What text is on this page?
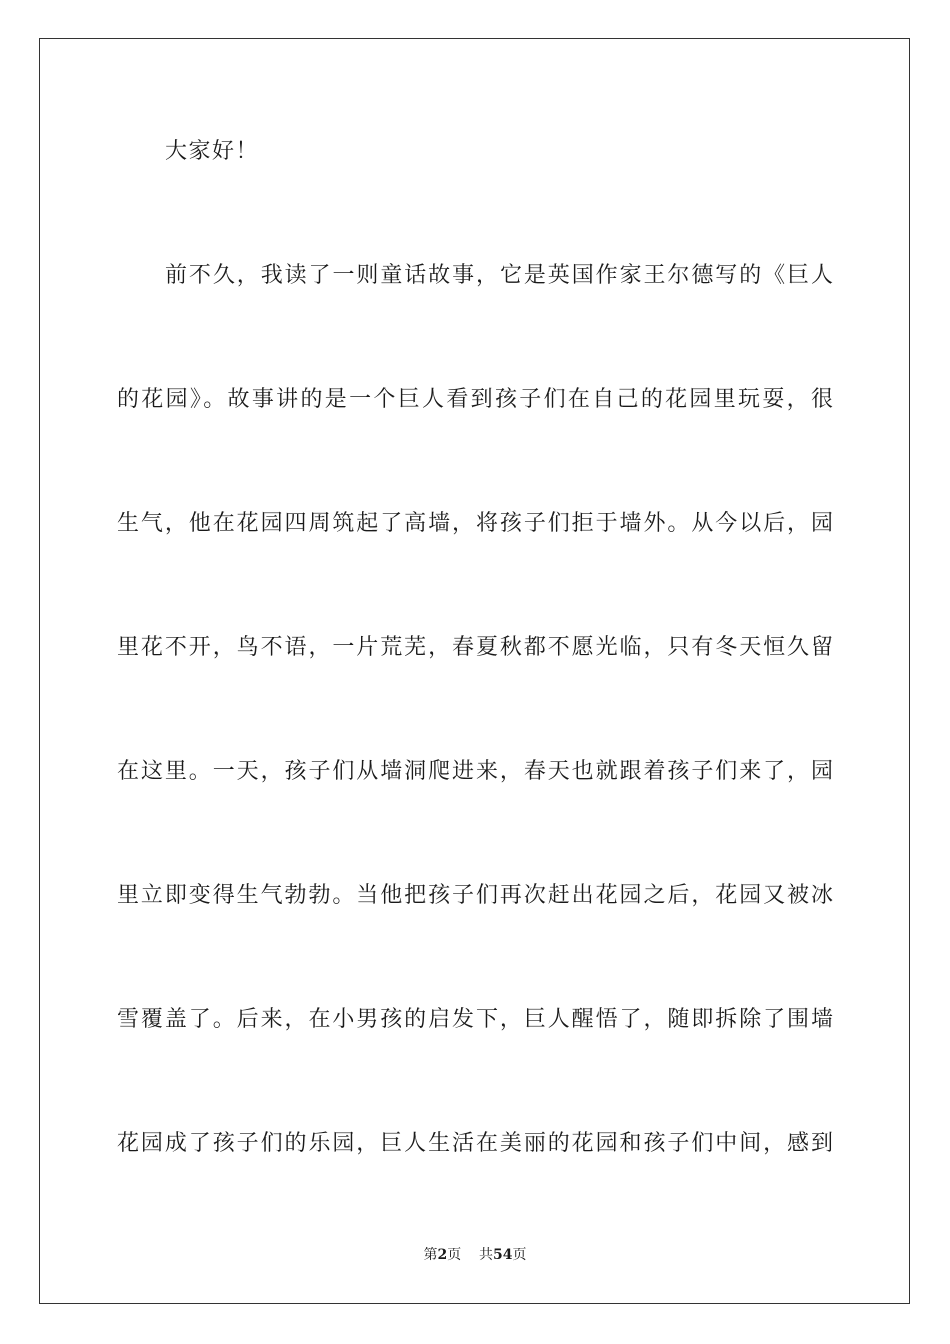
大家好！
前不久，我读了一则童话故事，它是英国作家王尔德写的《巨人
的花园》。故事讲的是一个巨人看到孩子们在自己的花园里玩耍，很
生气，他在花园四周筑起了高墙，将孩子们拒于墙外。从今以后，园
里花不开，鸟不语，一片荒芜，春夏秋都不愿光临，只有冬天恒久留
在这里。一天，孩子们从墙洞爬进来，春天也就跟着孩子们来了，园
里立即变得生气勃勃。当他把孩子们再次赶出花园之后，花园又被冰
雪覆盖了。后来，在小男孩的启发下，巨人醒悟了，随即拆除了围墙
花园成了孩子们的乐园，巨人生活在美丽的花园和孩子们中间，感到
第2页 共54页
